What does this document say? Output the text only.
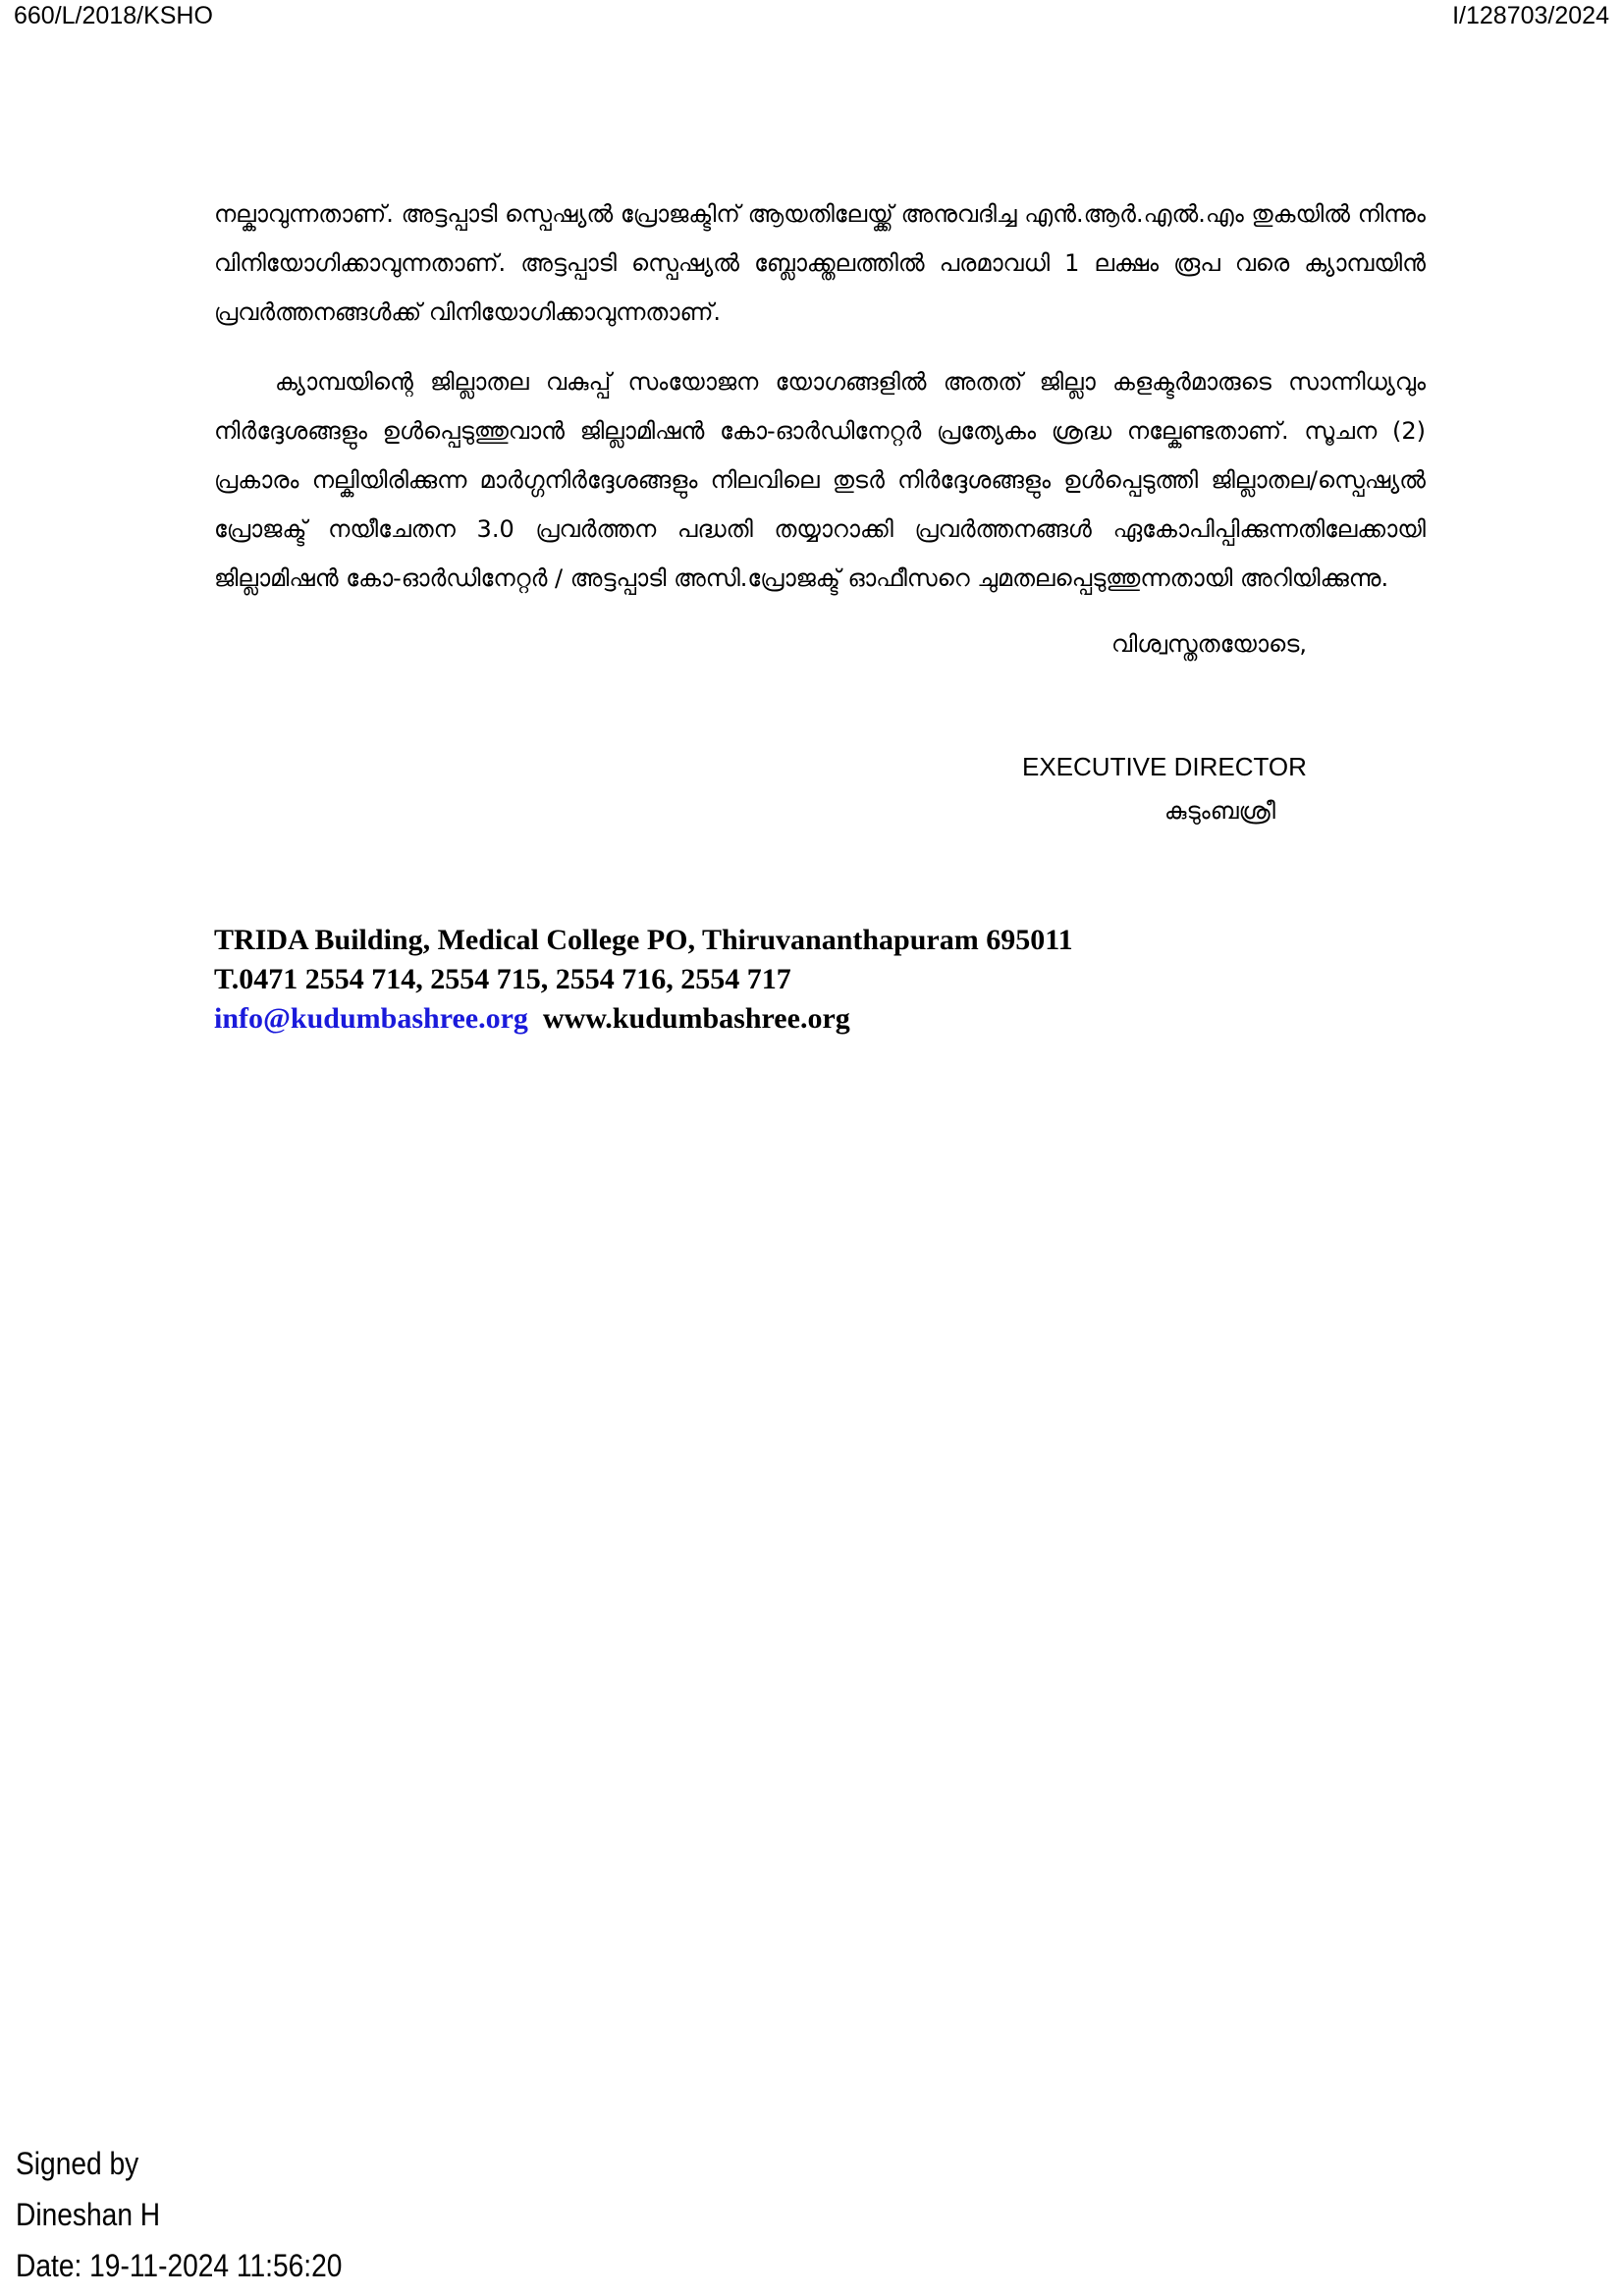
660/L/2018/KSHO	I/128703/2024

നല്കാവുന്നതാണ്. അട്ടപ്പാടി സ്പെഷ്യൽ പ്രോജക്ടിന് ആയതിലേയ്ക്ക് അനുവദിച്ച എൻ.ആർ.എൽ.എം തുകയിൽ നിന്നും വിനിയോഗിക്കാവുന്നതാണ്. അട്ടപ്പാടി സ്പെഷ്യൽ ബ്ലോക്ക്തലത്തിൽ പരമാവധി 1 ലക്ഷം രൂപ വരെ ക്യാമ്പയിൻ പ്രവർത്തനങ്ങൾക്ക് വിനിയോഗിക്കാവുന്നതാണ്.

ക്യാമ്പയിന്റെ ജില്ലാതല വകുപ്പ് സംയോജന യോഗങ്ങളിൽ അതത് ജില്ലാ കളക്ടർമാരുടെ സാന്നിധ്യവും നിർദ്ദേശങ്ങളും ഉൾപ്പെടുത്തുവാൻ ജില്ലാമിഷൻ കോ-ഓർഡിനേറ്റർ പ്രത്യേകം ശ്രദ്ധ നല്കേണ്ടതാണ്. സൂചന (2) പ്രകാരം നല്കിയിരിക്കുന്ന മാർഗ്ഗനിർദ്ദേശങ്ങളും നിലവിലെ തുടർ നിർദ്ദേശങ്ങളും ഉൾപ്പെടുത്തി ജില്ലാതല/സ്പെഷ്യൽ പ്രോജക്ട് നയീചേതന 3.0 പ്രവർത്തന പദ്ധതി തയ്യാറാക്കി പ്രവർത്തനങ്ങൾ ഏകോപിപ്പിക്കുന്നതിലേക്കായി ജില്ലാമിഷൻ കോ-ഓർഡിനേറ്റർ / അട്ടപ്പാടി അസി.പ്രോജക്ട് ഓഫീസറെ ചുമതലപ്പെടുത്തുന്നതായി അറിയിക്കുന്നു.

വിശ്വസ്തതയോടെ,
EXECUTIVE DIRECTOR
കുടുംബശ്രീ
TRIDA Building, Medical College PO, Thiruvananthapuram 695011
T.0471 2554 714, 2554 715, 2554 716, 2554 717
info@kudumbashree.org www.kudumbashree.org
Signed by
Dineshan H
Date: 19-11-2024 11:56:20
